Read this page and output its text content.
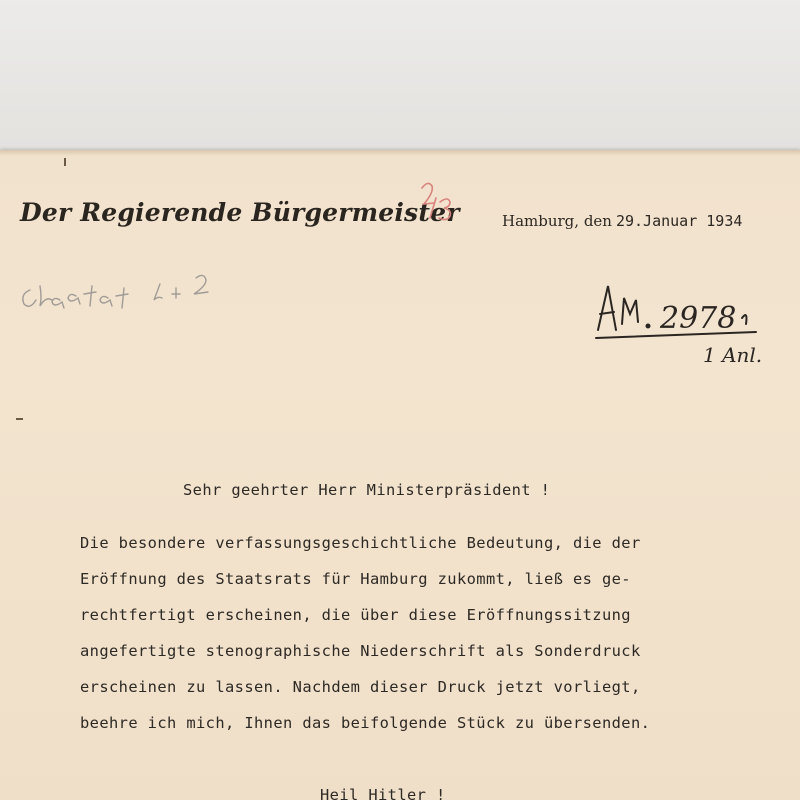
Der Regierende Bürgermeister	Hamburg, den 29.Januar 1934
2978
1 Anl.
Sehr geehrter Herr Ministerpräsident !
Die besondere verfassungsgeschichtliche Bedeutung, die der
Eröffnung des Staatsrats für Hamburg zukommt, ließ es ge-
rechtfertigt erscheinen, die über diese Eröffnungssitzung
angefertigte stenographische Niederschrift als Sonderdruck
erscheinen zu lassen. Nachdem dieser Druck jetzt vorliegt,
beehre ich mich, Ihnen das beifolgende Stück zu übersenden.
Heil Hitler !
